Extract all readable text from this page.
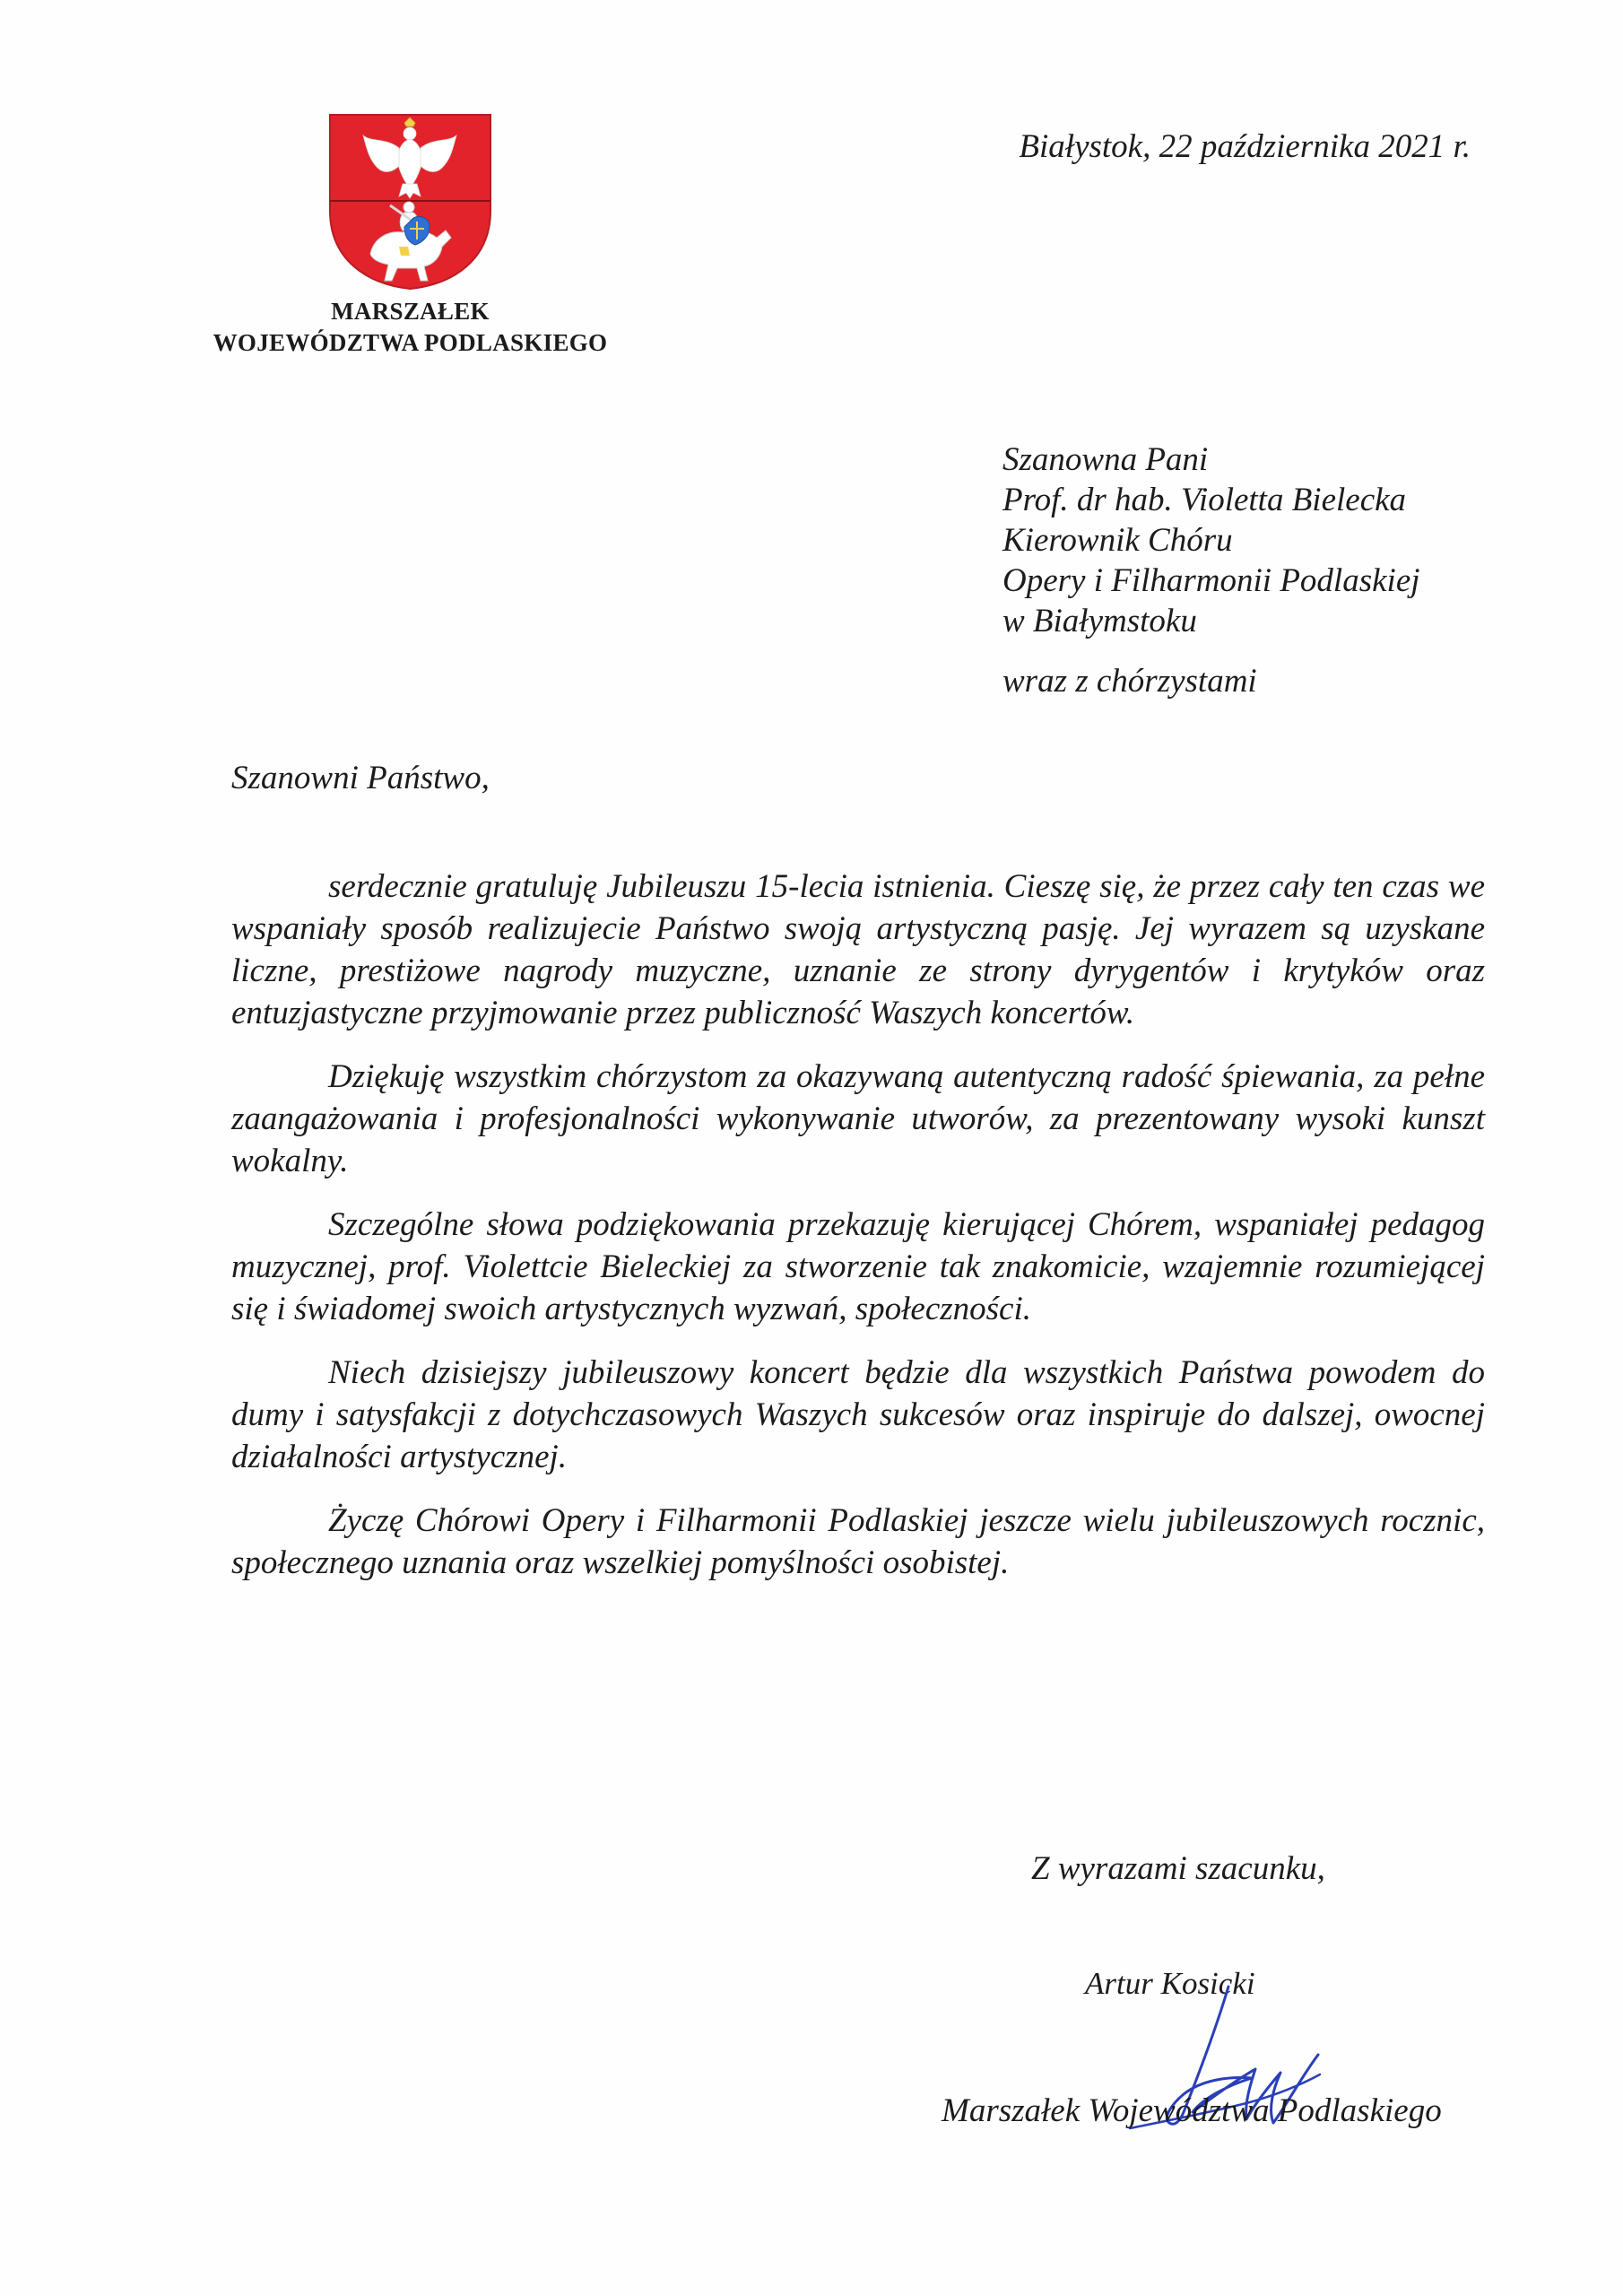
MARSZAŁEK
WOJEWÓDZTWA PODLASKIEGO
Białystok, 22 października 2021 r.
Szanowna Pani
Prof. dr hab. Violetta Bielecka
Kierownik Chóru
Opery i Filharmonii Podlaskiej
w Białymstoku
wraz z chórzystami
Szanowni Państwo,

serdecznie gratuluję Jubileuszu 15-lecia istnienia. Cieszę się, że przez cały ten czas we wspaniały sposób realizujecie Państwo swoją artystyczną pasję. Jej wyrazem są uzyskane liczne, prestiżowe nagrody muzyczne, uznanie ze strony dyrygentów i krytyków oraz entuzjastyczne przyjmowanie przez publiczność Waszych koncertów.

Dziękuję wszystkim chórzystom za okazywaną autentyczną radość śpiewania, za pełne zaangażowania i profesjonalności wykonywanie utworów, za prezentowany wysoki kunszt wokalny.

Szczególne słowa podziękowania przekazuję kierującej Chórem, wspaniałej pedagog muzycznej, prof. Violettcie Bieleckiej za stworzenie tak znakomicie, wzajemnie rozumiejącej się i świadomej swoich artystycznych wyzwań, społeczności.

Niech dzisiejszy jubileuszowy koncert będzie dla wszystkich Państwa powodem do dumy i satysfakcji z dotychczasowych Waszych sukcesów oraz inspiruje do dalszej, owocnej działalności artystycznej.

Życzę Chórowi Opery i Filharmonii Podlaskiej jeszcze wielu jubileuszowych rocznic, społecznego uznania oraz wszelkiej pomyślności osobistej.

Z wyrazami szacunku,
Artur Kosicki
Marszałek Województwa Podlaskiego
